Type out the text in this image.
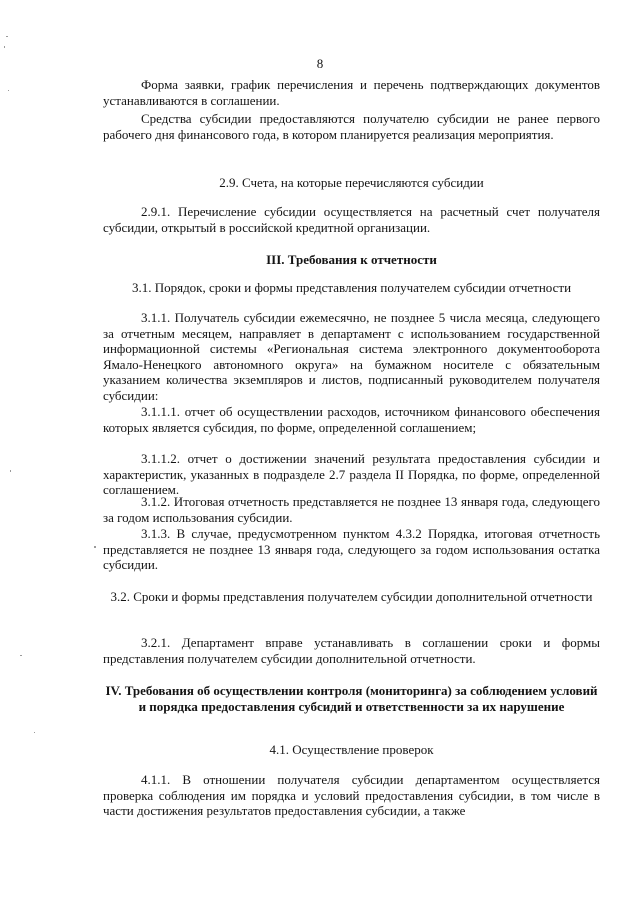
8

Форма заявки, график перечисления и перечень подтверждающих документов устанавливаются в соглашении.

Средства субсидии предоставляются получателю субсидии не ранее первого рабочего дня финансового года, в котором планируется реализация мероприятия.

2.9. Счета, на которые перечисляются субсидии

2.9.1. Перечисление субсидии осуществляется на расчетный счет получателя субсидии, открытый в российской кредитной организации.

III. Требования к отчетности
3.1. Порядок, сроки и формы представления получателем субсидии отчетности

3.1.1. Получатель субсидии ежемесячно, не позднее 5 числа месяца, следующего за отчетным месяцем, направляет в департамент с использованием государственной информационной системы «Региональная система электронного документооборота Ямало-Ненецкого автономного округа» на бумажном носителе с обязательным указанием количества экземпляров и листов, подписанный руководителем получателя субсидии:

3.1.1.1. отчет об осуществлении расходов, источником финансового обеспечения которых является субсидия, по форме, определенной соглашением;

3.1.1.2. отчет о достижении значений результата предоставления субсидии и характеристик, указанных в подразделе 2.7 раздела II Порядка, по форме, определенной соглашением.

3.1.2. Итоговая отчетность представляется не позднее 13 января года, следующего за годом использования субсидии.

3.1.3. В случае, предусмотренном пунктом 4.3.2 Порядка, итоговая отчетность представляется не позднее 13 января года, следующего за годом использования остатка субсидии.

3.2. Сроки и формы представления получателем субсидии дополнительной отчетности

3.2.1. Департамент вправе устанавливать в соглашении сроки и формы представления получателем субсидии дополнительной отчетности.

IV. Требования об осуществлении контроля (мониторинга) за соблюдением условий и порядка предоставления субсидий и ответственности за их нарушение
4.1. Осуществление проверок

4.1.1. В отношении получателя субсидии департаментом осуществляется проверка соблюдения им порядка и условий предоставления субсидии, в том числе в части достижения результатов предоставления субсидии, а также
